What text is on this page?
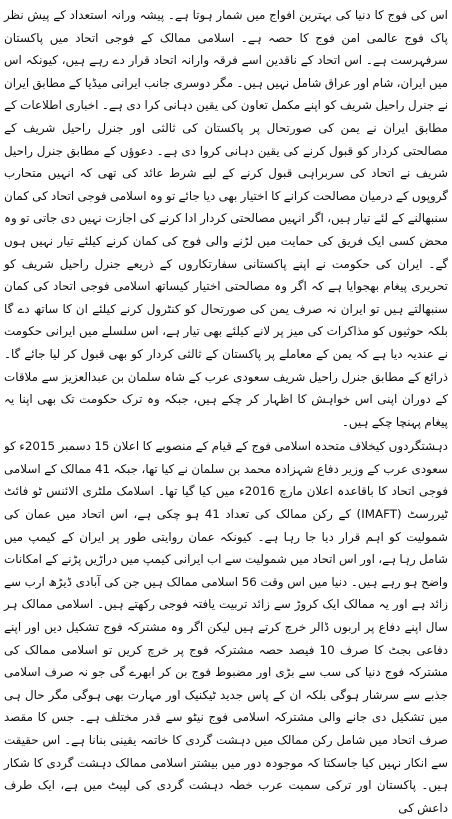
اس کی فوج کا دنیا کی بہترین افواج میں شمار ہوتا ہے۔ پیشہ ورانہ استعداد کے پیش نظر پاک فوج عالمی امن فوج کا حصہ ہے۔ اسلامی ممالک کے فوجی اتحاد میں پاکستان سرفہرست ہے۔ اس اتحاد کے ناقدین اسے فرقہ وارانہ اتحاد قرار دے رہے ہیں، کیونکہ اس میں ایران، شام اور عراق شامل نہیں ہیں۔ مگر دوسری جانب ایرانی میڈیا کے مطابق ایران نے جنرل راحیل شریف کو اپنے مکمل تعاون کی یقین دہانی کرا دی ہے۔ اخباری اطلاعات کے مطابق ایران نے یمن کی صورتحال پر پاکستان کی ثالثی اور جنرل راحیل شریف کے مصالحتی کردار کو قبول کرنے کی یقین دہانی کروا دی ہے۔ دعوؤں کے مطابق جنرل راحیل شریف نے اتحاد کی سربراہی قبول کرنے کے لیے شرط عائد کی تھی کہ انہیں متحارب گروپوں کے درمیان مصالحت کرانے کا اختیار بھی دیا جائے تو وہ اسلامی فوجی اتحاد کی کمان سنبھالنے کے لئے تیار ہیں، اگر انہیں مصالحتی کردار ادا کرنے کی اجازت نہیں دی جاتی تو وہ محض کسی ایک فریق کی حمایت میں لڑنے والی فوج کی کمان کرنے کیلئے تیار نہیں ہوں گے۔ ایران کی حکومت نے اپنے پاکستانی سفارتکاروں کے ذریعے جنرل راحیل شریف کو تحریری پیغام بھجوایا ہے کہ اگر وہ مصالحتی اختیار کیساتھ اسلامی فوجی اتحاد کی کمان سنبھالتے ہیں تو ایران نہ صرف یمن کی صورتحال کو کنٹرول کرنے کیلئے ان کا ساتھ دے گا بلکہ حوثیوں کو مذاکرات کی میز پر لانے کیلئے بھی تیار ہے، اس سلسلے میں ایرانی حکومت نے عندیہ دیا ہے کہ یمن کے معاملے پر پاکستان کے ثالثی کردار کو بھی قبول کر لیا جائے گا۔ ذرائع کے مطابق جنرل راحیل شریف سعودی عرب کے شاہ سلمان بن عبدالعزیز سے ملاقات کے دوران اپنی اس خواہش کا اظہار کر چکے ہیں، جبکہ وہ ترک حکومت تک بھی اپنا یہ پیغام پہنچا چکے ہیں۔

دہشتگردوں کیخلاف متحدہ اسلامی فوج کے قیام کے منصوبے کا اعلان 15 دسمبر 2015ء کو سعودی عرب کے وزیر دفاع شہزادہ محمد بن سلمان نے کیا تھا، جبکہ 41 ممالک کے اسلامی فوجی اتحاد کا باقاعدہ اعلان مارچ 2016ء میں کیا گیا تھا۔ اسلامک ملٹری الائنس ٹو فائٹ ٹیررسٹ (IMAFT) کے رکن ممالک کی تعداد 41 ہو چکی ہے، اس اتحاد میں عمان کی شمولیت کو اہم قرار دیا جا رہا ہے۔ کیونکہ عمان روایتی طور پر ایران کے کیمپ میں شامل رہا ہے، اور اس اتحاد میں شمولیت سے اب ایرانی کیمپ میں دراڑیں پڑنے کے امکانات واضح ہو رہے ہیں۔ دنیا میں اس وقت 56 اسلامی ممالک ہیں جن کی آبادی ڈیڑھ ارب سے زائد ہے اور یہ ممالک ایک کروڑ سے زائد تربیت یافتہ فوجی رکھتے ہیں۔ اسلامی ممالک ہر سال اپنے دفاع پر اربوں ڈالر خرچ کرتے ہیں لیکن اگر وہ مشترکہ فوج تشکیل دیں اور اپنے دفاعی بجٹ کا صرف 10 فیصد حصہ مشترکہ فوج پر خرچ کریں تو اسلامی ممالک کی مشترکہ فوج دنیا کی سب سے بڑی اور مضبوط فوج بن کر ابھرے گی جو نہ صرف اسلامی جذبے سے سرشار ہوگی بلکہ ان کے پاس جدید ٹیکنیک اور مہارت بھی ہوگی مگر حال ہی میں تشکیل دی جانے والی مشترکہ اسلامی فوج نیٹو سے قدر مختلف ہے۔ جس کا مقصد صرف اتحاد میں شامل رکن ممالک میں دہشت گردی کا خاتمہ یقینی بنانا ہے۔ اس حقیقت سے انکار نہیں کیا جاسکتا کہ موجودہ دور میں بیشتر اسلامی ممالک دہشت گردی کا شکار ہیں۔ پاکستان اور ترکی سمیت عرب خطہ دہشت گردی کی لپیٹ میں ہے، ایک طرف داعش کی
